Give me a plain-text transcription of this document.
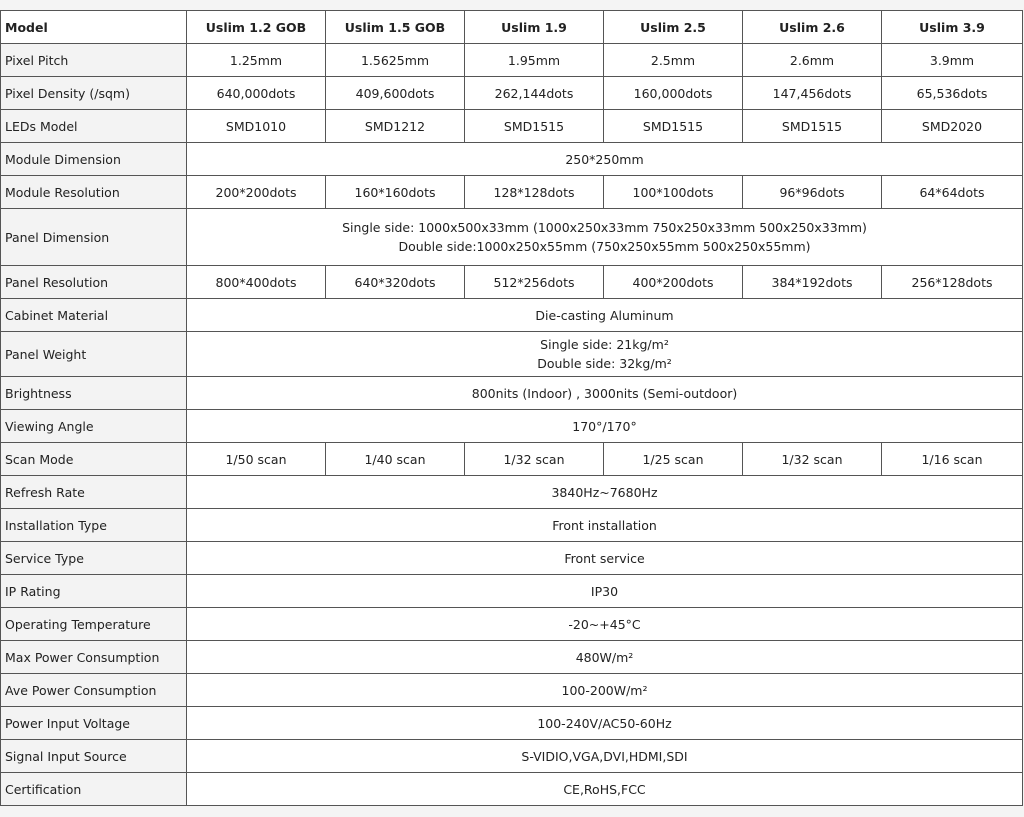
Model	Uslim 1.2 GOB	Uslim 1.5 GOB	Uslim 1.9	Uslim 2.5	Uslim 2.6	Uslim 3.9
Pixel Pitch	1.25mm	1.5625mm	1.95mm	2.5mm	2.6mm	3.9mm
Pixel Density (/sqm)	640,000dots	409,600dots	262,144dots	160,000dots	147,456dots	65,536dots
LEDs Model	SMD1010	SMD1212	SMD1515	SMD1515	SMD1515	SMD2020
Module Dimension	250*250mm					

Module Resolution	200*200dots	160*160dots	128*128dots	100*100dots	96*96dots	64*64dots
Panel Dimension	Single side: 1000x500x33mm (1000x250x33mm 750x250x33mm 500x250x33mm)
Double side:1000x250x55mm (750x250x55mm 500x250x55mm)					

Panel Resolution	800*400dots	640*320dots	512*256dots	400*200dots	384*192dots	256*128dots
Cabinet Material	Die-casting Aluminum					

Panel Weight	Single side: 21kg/m²
Double side: 32kg/m²					

Brightness	800nits (Indoor) , 3000nits (Semi-outdoor)					

Viewing Angle	170°/170°					

Scan Mode	1/50 scan	1/40 scan	1/32 scan	1/25 scan	1/32 scan	1/16 scan
Refresh Rate	3840Hz~7680Hz					

Installation Type	Front installation					

Service Type	Front service					

IP Rating	IP30					

Operating Temperature	-20~+45°C					

Max Power Consumption	480W/m²					

Ave Power Consumption	100-200W/m²					

Power Input Voltage	100-240V/AC50-60Hz					

Signal Input Source	S-VIDIO,VGA,DVI,HDMI,SDI					

Certification	CE,RoHS,FCC					
